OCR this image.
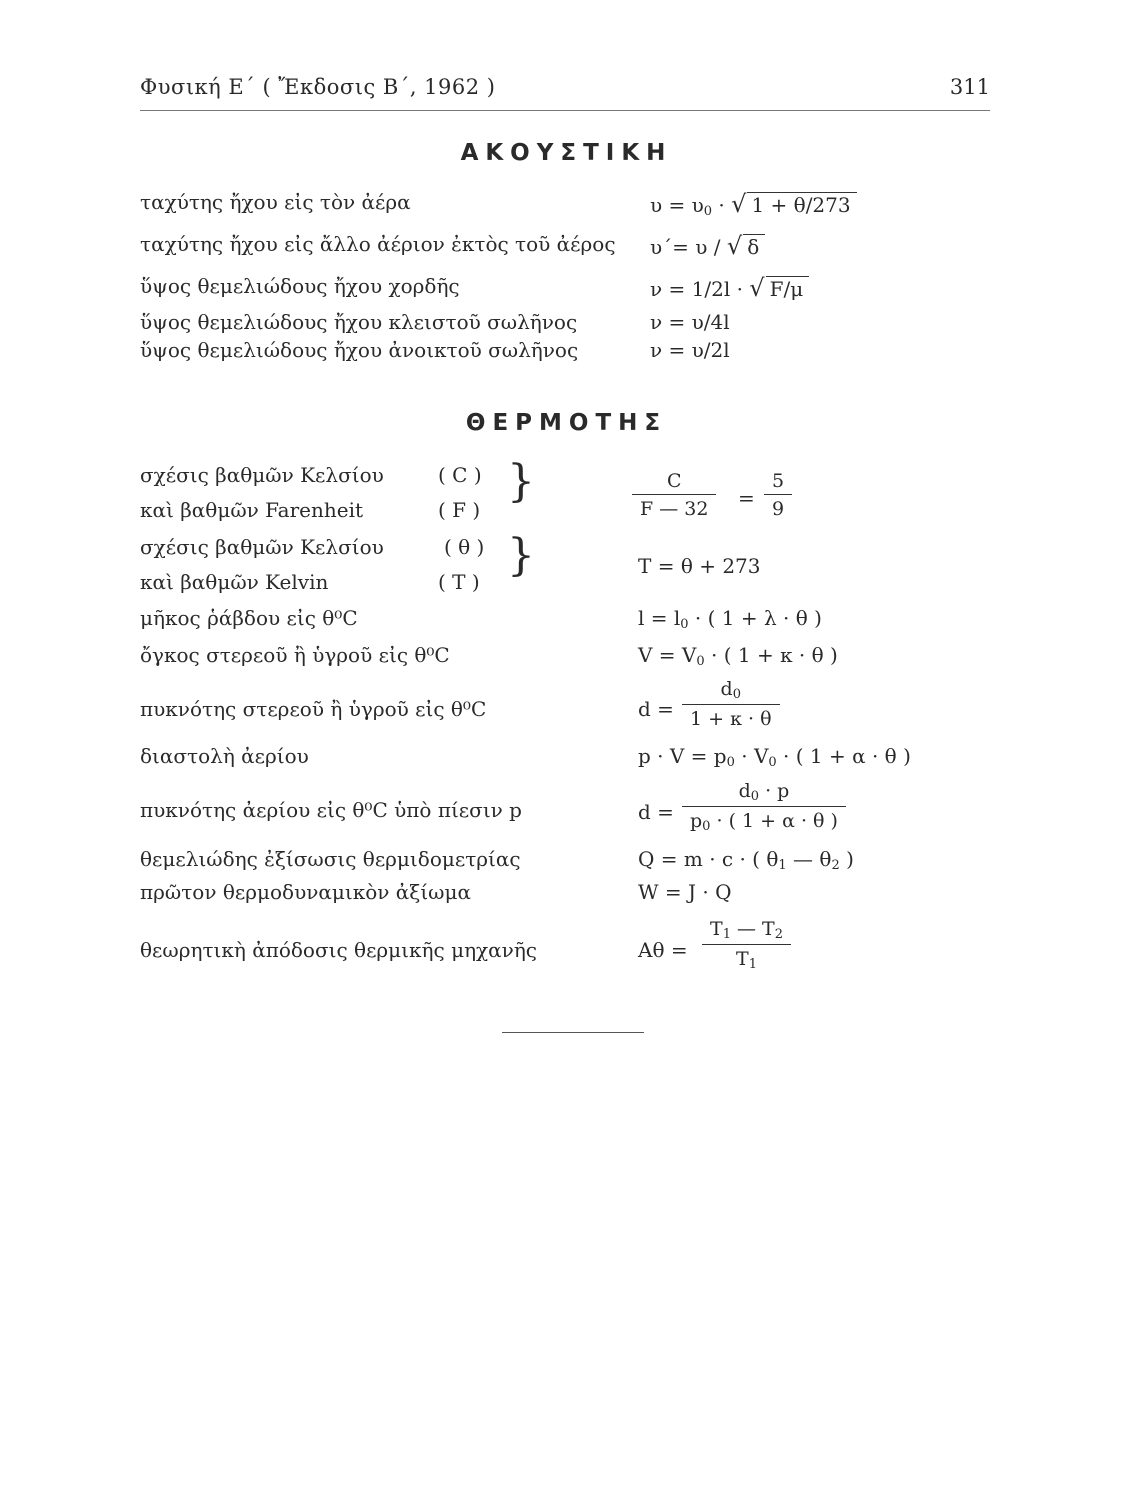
Φυσική Ε΄ ( Ἔκδοσις Β΄, 1962 )	311
ΑΚΟΥΣΤΙΚΗ
ταχύτης ἤχου εἰς τὸν ἀέρα	$\upsilon = \upsilon_0$ · √ 1 + θ/273
ταχύτης ἤχου εἰς ἄλλο ἀέριον ἐκτὸς τοῦ ἀέρος υ΄= υ / √ δ
ὕψος θεμελιώδους ἤχου χορδῆς	ν = 1/2l · √ F/μ
ὕψος θεμελιώδους ἤχου κλειστοῦ σωλῆνος	ν = υ/4l
ὕψος θεμελιώδους ἤχου ἀνοικτοῦ σωλῆνος	ν = υ/2l
ΘΕΡΜΟΤΗΣ
σχέσις βαθμῶν Κελσίου	( C )
καὶ βαθμῶν Farenheit	( F )
}	$\frac{C}{F — 32} = \frac{5}{9}$
σχέσις βαθμῶν Κελσίου	( θ )
καὶ βαθμῶν Kelvin	( T )
}	T = θ + 273
μῆκος ῥάβδου εἰς θ⁰C	$l = l_0$ · ( 1 + λ · θ )
ὄγκος στερεοῦ ἢ ὑγροῦ εἰς θ⁰C	$V = V_0$ · ( 1 + κ · θ )
πυκνότης στερεοῦ ἢ ὑγροῦ εἰς θ⁰C	$d = \frac{d_0}{1 + \kappa \cdot \theta}$
διαστολὴ ἀερίου	$p \cdot V = p_0 \cdot V_0$ · ( 1 + α · θ )
πυκνότης ἀερίου εἰς θ⁰C ὑπὸ πίεσιν p	$d = \frac{d_0 \cdot p}{p_0 \cdot ( 1 + \alpha \cdot \theta )}$
θεμελιώδης ἐξίσωσις θερμιδομετρίας	Q = m · c · ( $\theta_1$ — $\theta_2$ )
πρῶτον θερμοδυναμικὸν ἀξίωμα	W = J · Q
θεωρητικὴ ἀπόδοσις θερμικῆς μηχανῆς	$A\theta = \frac{T_1 — T_2}{T_1}$
